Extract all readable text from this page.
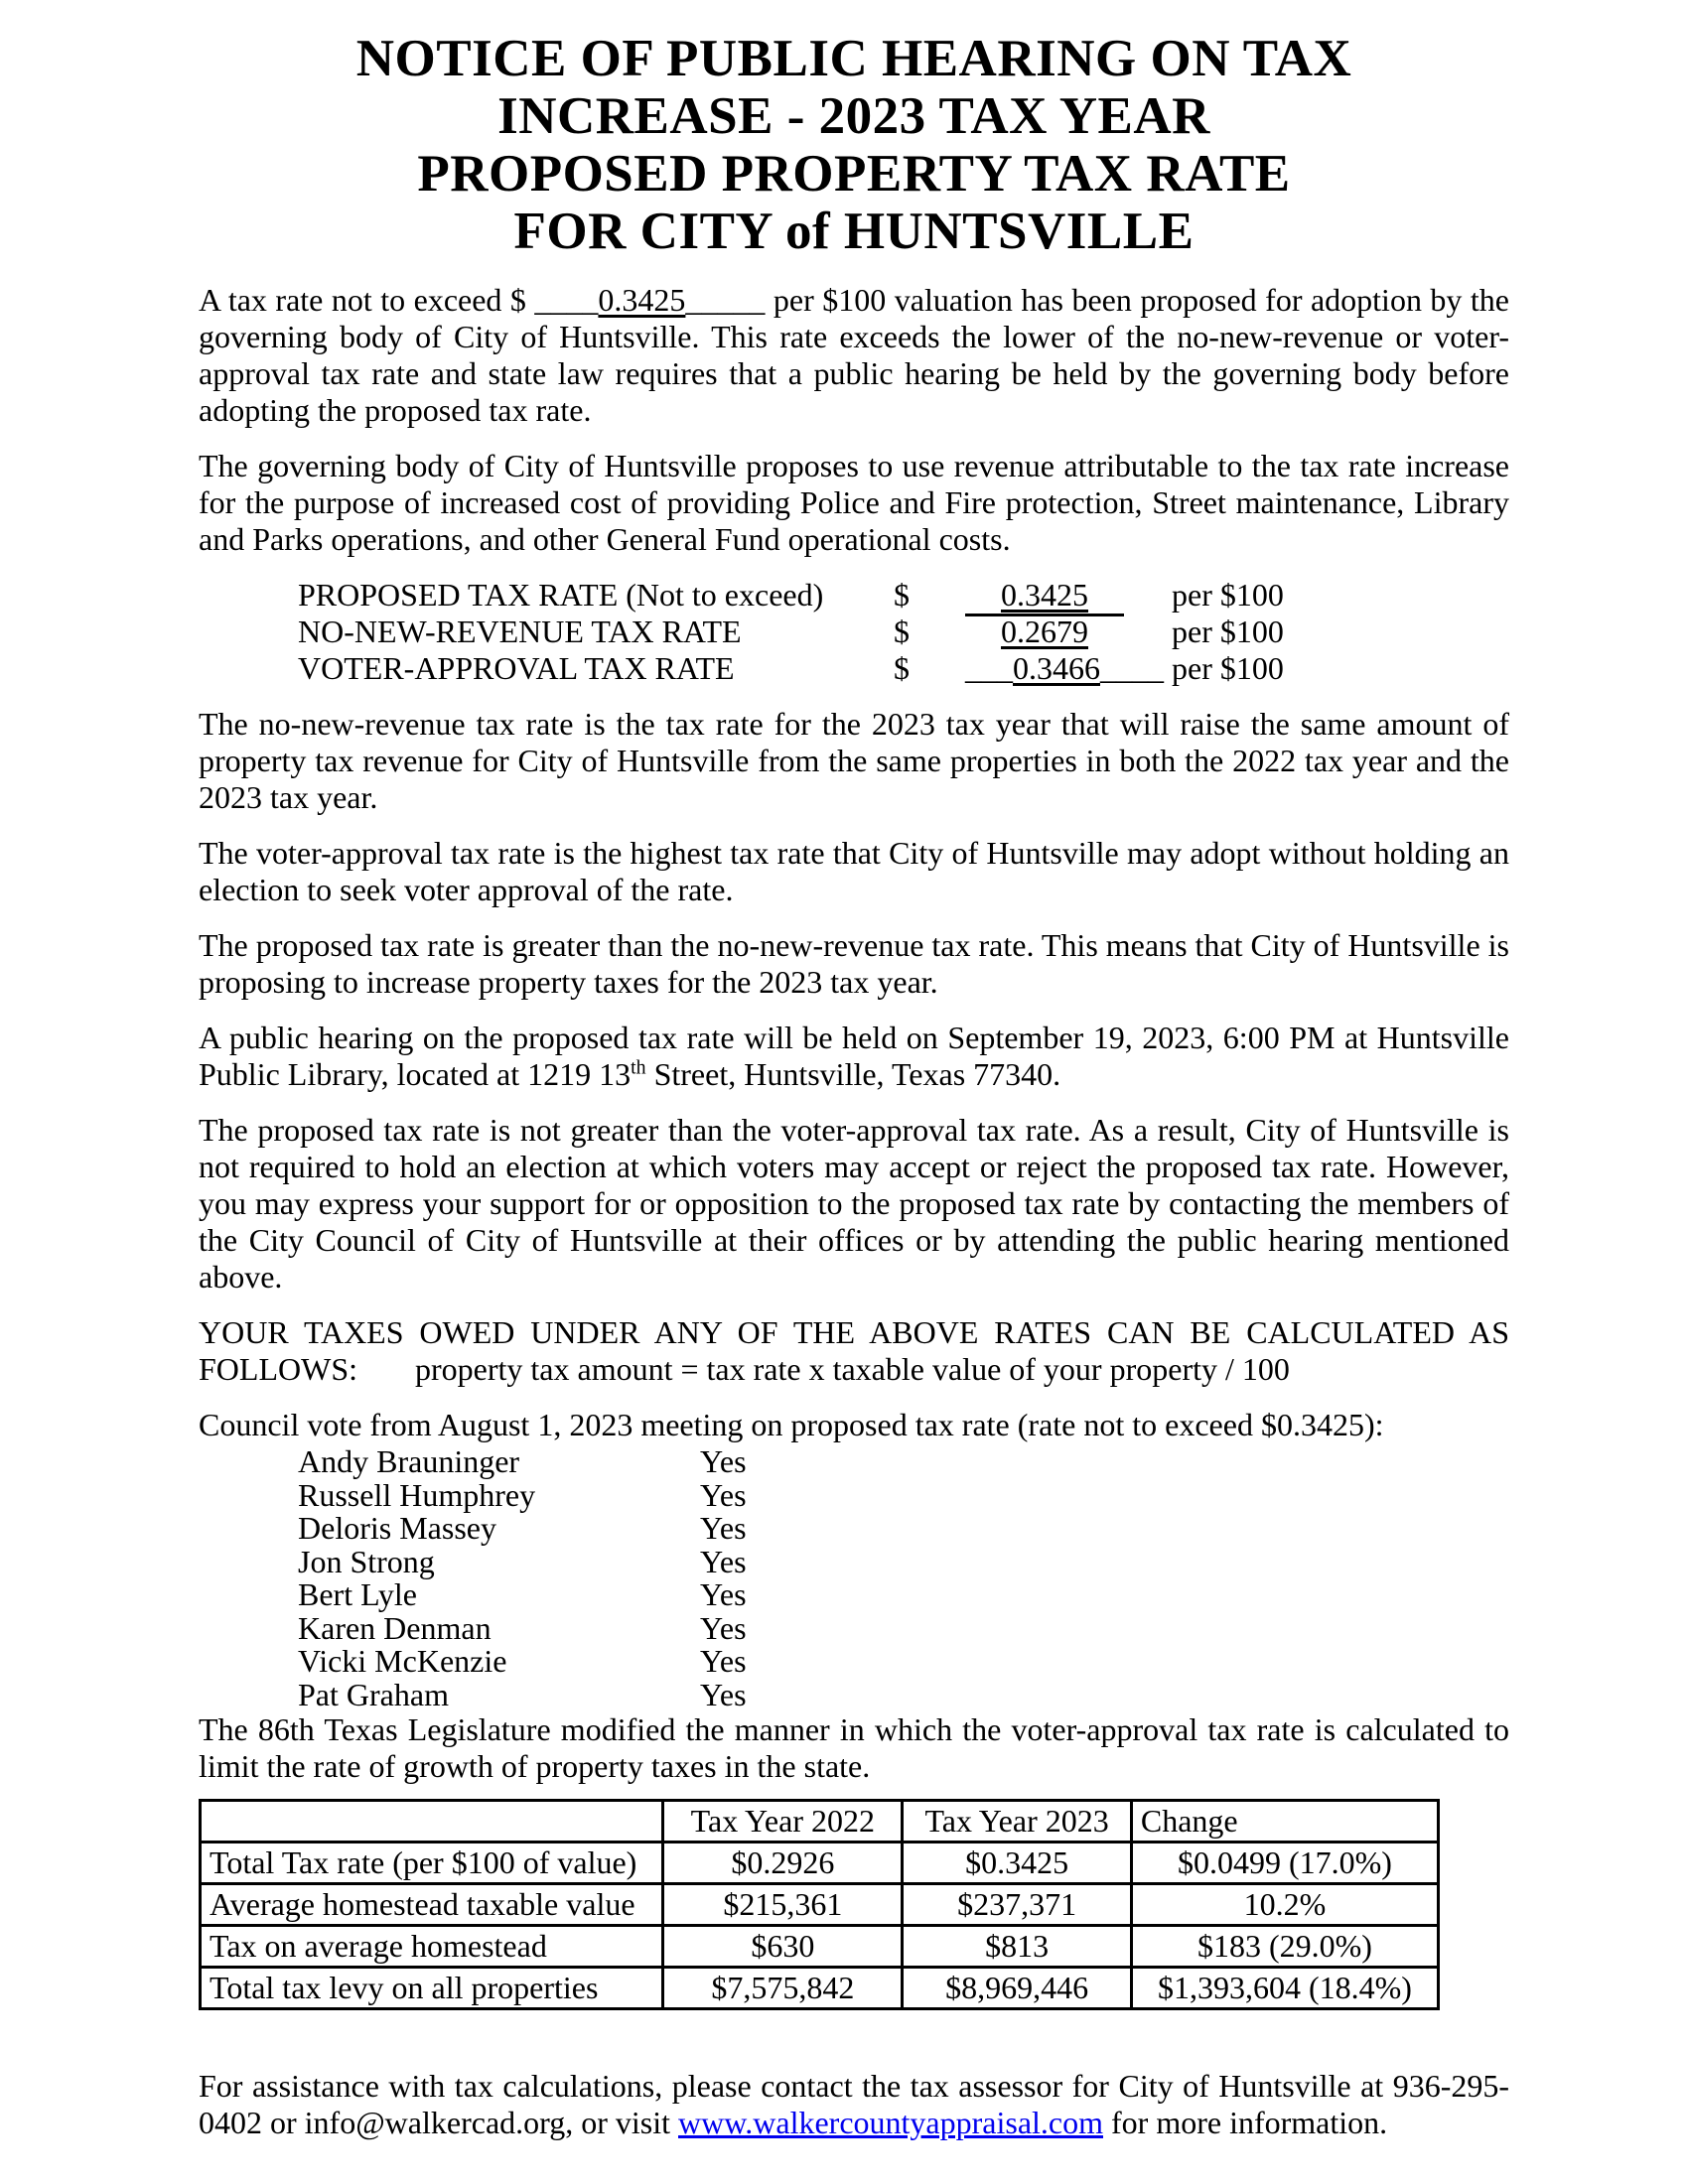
NOTICE OF PUBLIC HEARING ON TAX
INCREASE - 2023 TAX YEAR
PROPOSED PROPERTY TAX RATE
FOR CITY of HUNTSVILLE

A tax rate not to exceed $ ____0.3425_____ per $100 valuation has been proposed for adoption by the governing body of City of Huntsville. This rate exceeds the lower of the no-new-revenue or voter-approval tax rate and state law requires that a public hearing be held by the governing body before adopting the proposed tax rate.

The governing body of City of Huntsville proposes to use revenue attributable to the tax rate increase for the purpose of increased cost of providing Police and Fire protection, Street maintenance, Library and Parks operations, and other General Fund operational costs.

PROPOSED TAX RATE (Not to exceed)	$	0.3425	per $100
NO-NEW-REVENUE TAX RATE	$	0.2679	per $100
VOTER-APPROVAL TAX RATE	$	___0.3466____ per $100

The no-new-revenue tax rate is the tax rate for the 2023 tax year that will raise the same amount of property tax revenue for City of Huntsville from the same properties in both the 2022 tax year and the 2023 tax year.

The voter-approval tax rate is the highest tax rate that City of Huntsville may adopt without holding an election to seek voter approval of the rate.

The proposed tax rate is greater than the no-new-revenue tax rate. This means that City of Huntsville is proposing to increase property taxes for the 2023 tax year.

A public hearing on the proposed tax rate will be held on September 19, 2023, 6:00 PM at Huntsville Public Library, located at 1219 13th Street, Huntsville, Texas 77340.

The proposed tax rate is not greater than the voter-approval tax rate. As a result, City of Huntsville is not required to hold an election at which voters may accept or reject the proposed tax rate. However, you may express your support for or opposition to the proposed tax rate by contacting the members of the City Council of City of Huntsville at their offices or by attending the public hearing mentioned above.

YOUR TAXES OWED UNDER ANY OF THE ABOVE RATES CAN BE CALCULATED AS

FOLLOWS: property tax amount = tax rate x taxable value of your property / 100

Council vote from August 1, 2023 meeting on proposed tax rate (rate not to exceed $0.3425):

Andy Brauninger	Yes
Russell Humphrey	Yes
Deloris Massey	Yes
Jon Strong	Yes
Bert Lyle	Yes
Karen Denman	Yes
Vicki McKenzie	Yes
Pat Graham	Yes

The 86th Texas Legislature modified the manner in which the voter-approval tax rate is calculated to limit the rate of growth of property taxes in the state.

	Tax Year 2022	Tax Year 2023	Change
Total Tax rate (per $100 of value)	$0.2926	$0.3425	$0.0499 (17.0%)
Average homestead taxable value	$215,361	$237,371	10.2%
Tax on average homestead	$630	$813	$183 (29.0%)
Total tax levy on all properties	$7,575,842	$8,969,446	$1,393,604 (18.4%)

For assistance with tax calculations, please contact the tax assessor for City of Huntsville at 936-295-0402 or info@walkercad.org, or visit www.walkercountyappraisal.com for more information.
